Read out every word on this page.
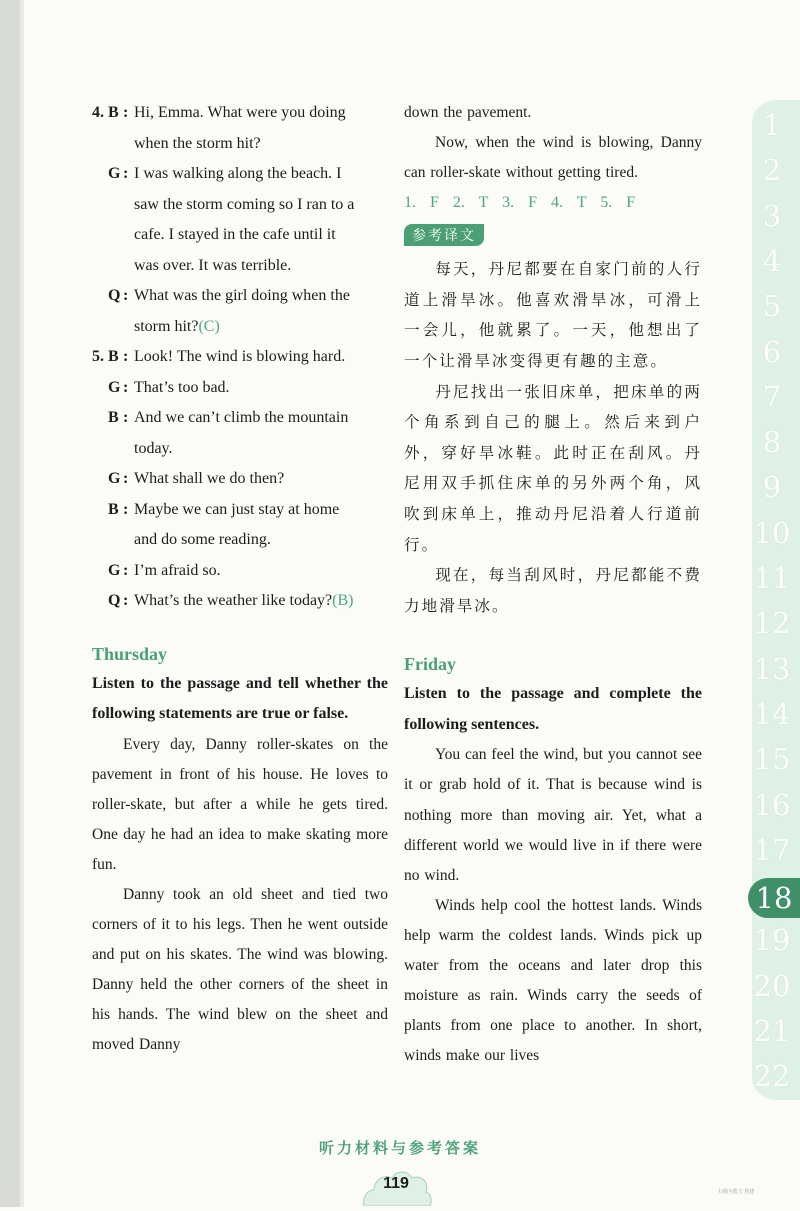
4. B : Hi, Emma. What were you doing
when the storm hit?
G : I was walking along the beach. I
saw the storm coming so I ran to a
cafe. I stayed in the cafe until it
was over. It was terrible.
Q : What was the girl doing when the
storm hit?(C)
5. B : Look! The wind is blowing hard.
G : That’s too bad.
B : And we can’t climb the mountain
today.
G : What shall we do then?
B : Maybe we can just stay at home
and do some reading.
G : I’m afraid so.
Q : What’s the weather like today?(B)
Thursday
Listen to the passage and tell whether the following statements are true or false.
Every day, Danny roller-skates on the pavement in front of his house. He loves to roller-skate, but after a while he gets tired. One day he had an idea to make skating more fun.
Danny took an old sheet and tied two corners of it to his legs. Then he went outside and put on his skates. The wind was blowing. Danny held the other corners of the sheet in his hands. The wind blew on the sheet and moved Danny
down the pavement.
Now, when the wind is blowing, Danny can roller-skate without getting tired.
1. F 2. T 3. F 4. T 5. F
参考译文
每天，丹尼都要在自家门前的人行道上滑旱冰。他喜欢滑旱冰，可滑上一会儿，他就累了。一天，他想出了一个让滑旱冰变得更有趣的主意。
丹尼找出一张旧床单，把床单的两个角系到自己的腿上。然后来到户外，穿好旱冰鞋。此时正在刮风。丹尼用双手抓住床单的另外两个角，风吹到床单上，推动丹尼沿着人行道前行。
现在，每当刮风时，丹尼都能不费力地滑旱冰。
Friday
Listen to the passage and complete the following sentences.
You can feel the wind, but you cannot see it or grab hold of it. That is because wind is nothing more than moving air. Yet, what a different world we would live in if there were no wind.
Winds help cool the hottest lands. Winds help warm the coldest lands. Winds pick up water from the oceans and later drop this moisture as rain. Winds carry the seeds of plants from one place to another. In short, winds make our lives
1
2
3
4
5
6
7
8
9
10
11
12
13
14
15
16
17
18
19
20
21
22
听力材料与参考答案
119	扫描全能王 创建
